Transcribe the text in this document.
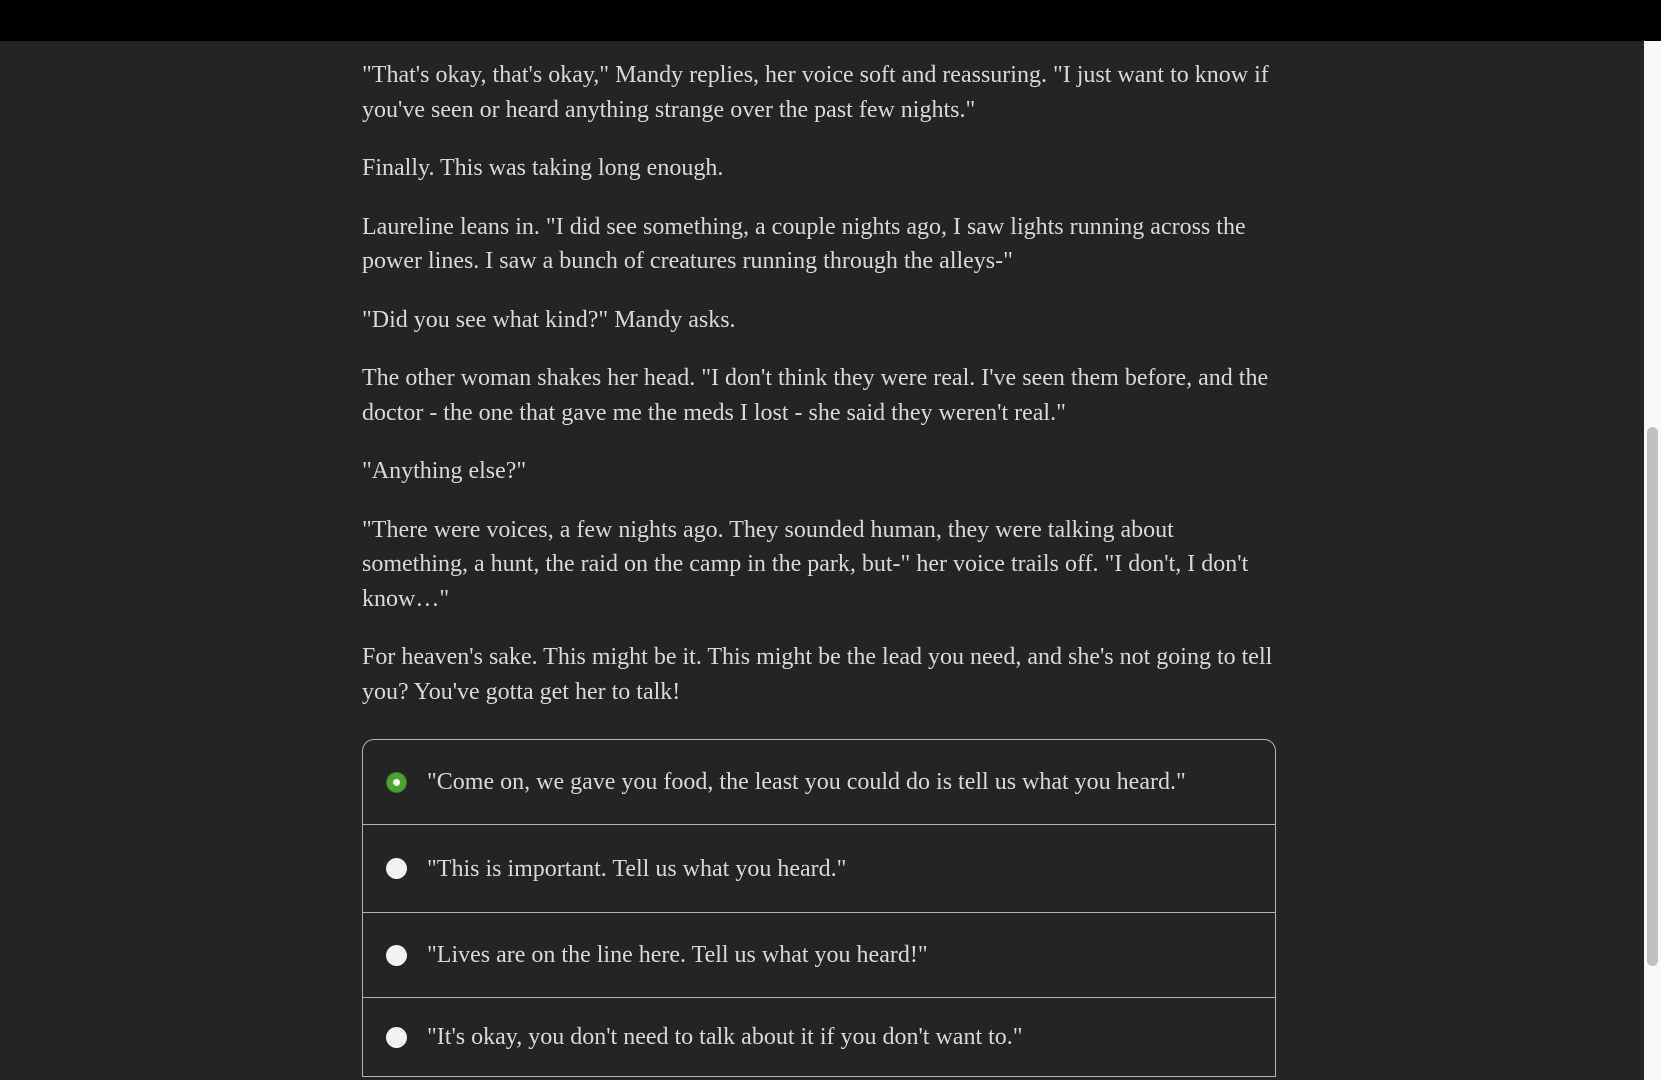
"That's okay, that's okay," Mandy replies, her voice soft and reassuring. "I just want to know if you've seen or heard anything strange over the past few nights."

Finally. This was taking long enough.

Laureline leans in. "I did see something, a couple nights ago, I saw lights running across the power lines. I saw a bunch of creatures running through the alleys-"

"Did you see what kind?" Mandy asks.

The other woman shakes her head. "I don't think they were real. I've seen them before, and the doctor - the one that gave me the meds I lost - she said they weren't real."

"Anything else?"

"There were voices, a few nights ago. They sounded human, they were talking about something, a hunt, the raid on the camp in the park, but-" her voice trails off. "I don't, I don't know…"

For heaven's sake. This might be it. This might be the lead you need, and she's not going to tell you? You've gotta get her to talk!

"Come on, we gave you food, the least you could do is tell us what you heard."
"This is important. Tell us what you heard."
"Lives are on the line here. Tell us what you heard!"
"It's okay, you don't need to talk about it if you don't want to."
